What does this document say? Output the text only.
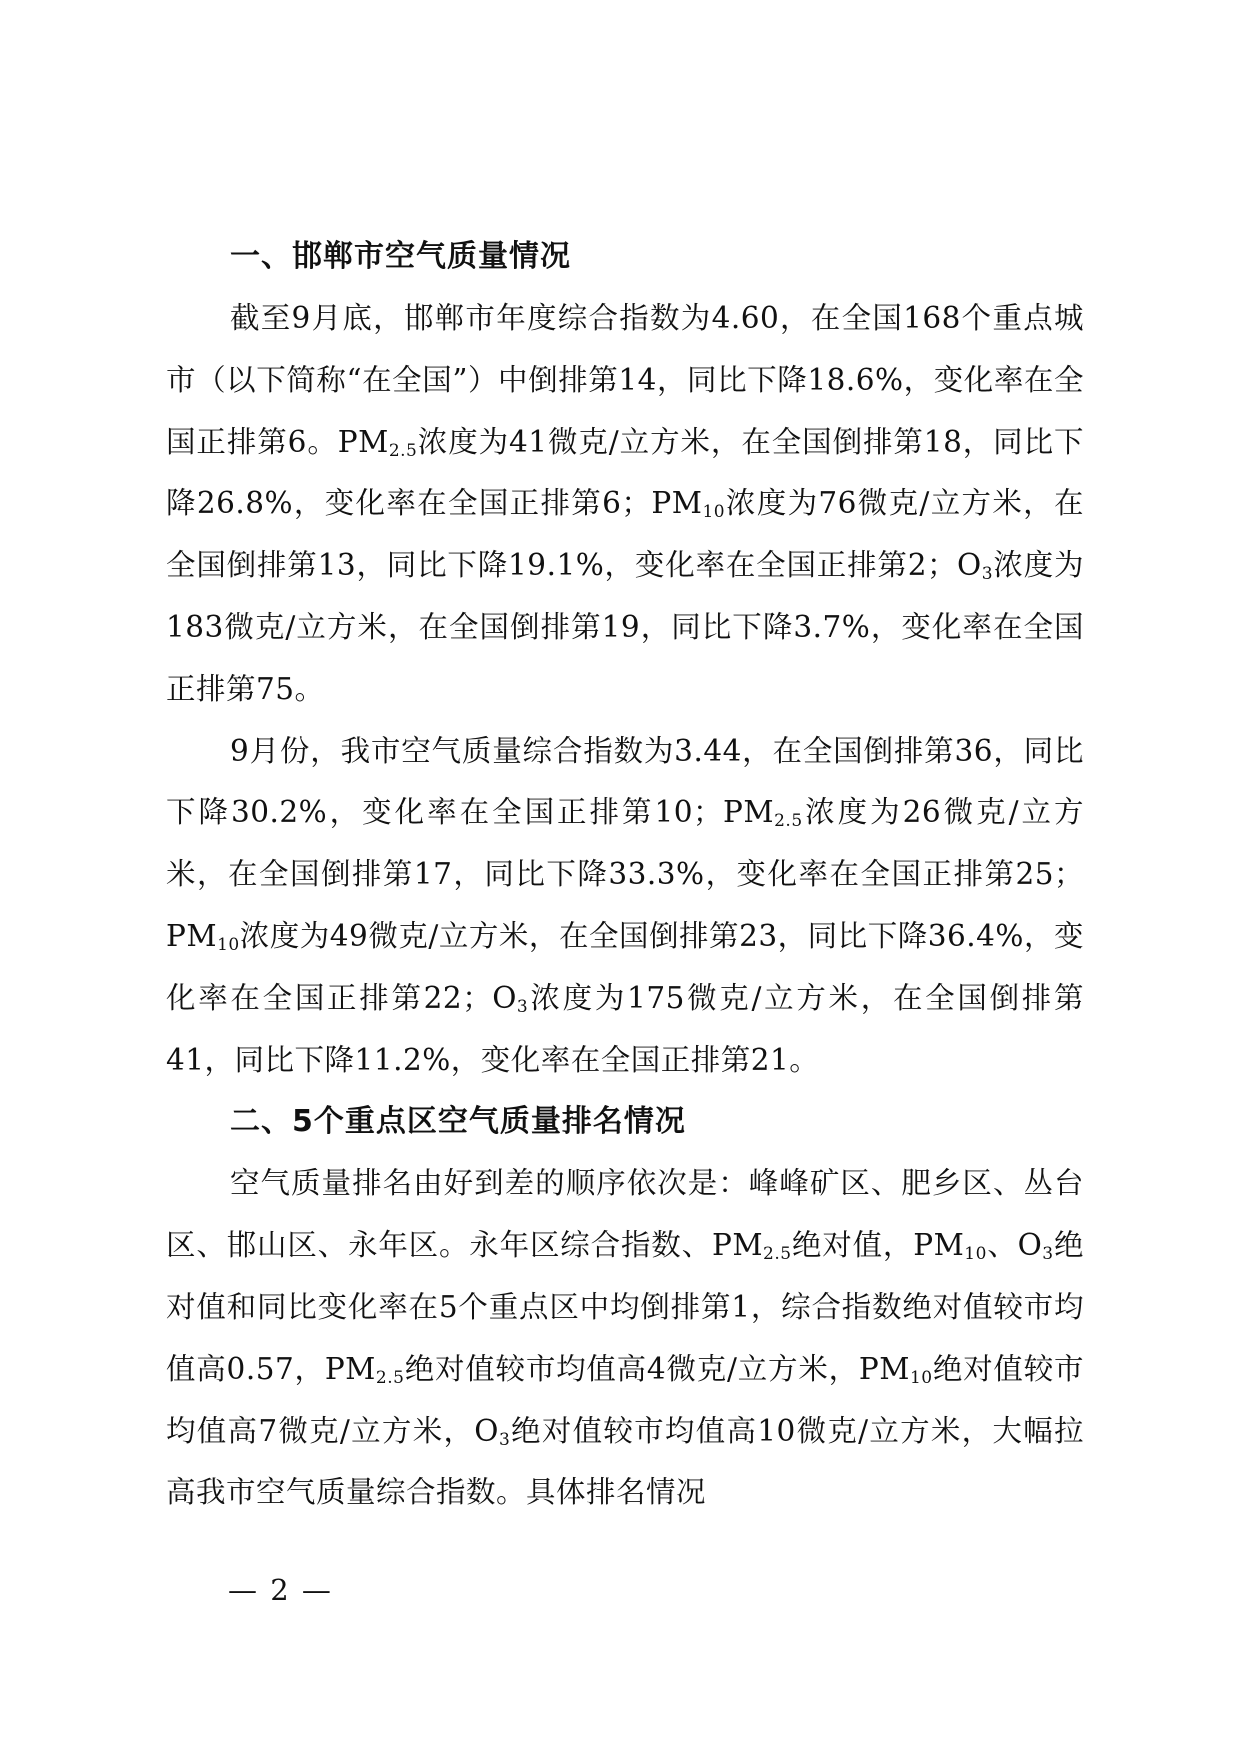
一、邯郸市空气质量情况

截至9月底，邯郸市年度综合指数为4.60，在全国168个重点城市（以下简称“在全国”）中倒排第14，同比下降18.6%，变化率在全国正排第6。$PM_{2.5}$浓度为41微克/立方米，在全国倒排第18，同比下降26.8%，变化率在全国正排第6；$PM_{10}$浓度为76微克/立方米，在全国倒排第13，同比下降19.1%，变化率在全国正排第2；$O_3$浓度为183微克/立方米，在全国倒排第19，同比下降3.7%，变化率在全国正排第75。

9月份，我市空气质量综合指数为3.44，在全国倒排第36，同比下降30.2%，变化率在全国正排第10；$PM_{2.5}$浓度为26微克/立方米，在全国倒排第17，同比下降33.3%，变化率在全国正排第25；$PM_{10}$浓度为49微克/立方米，在全国倒排第23，同比下降36.4%，变化率在全国正排第22；$O_3$浓度为175微克/立方米，在全国倒排第41，同比下降11.2%，变化率在全国正排第21。

二、5个重点区空气质量排名情况

空气质量排名由好到差的顺序依次是：峰峰矿区、肥乡区、丛台区、邯山区、永年区。永年区综合指数、$PM_{2.5}$绝对值，$PM_{10}$、$O_3$绝对值和同比变化率在5个重点区中均倒排第1，综合指数绝对值较市均值高0.57，$PM_{2.5}$绝对值较市均值高4微克/立方米，$PM_{10}$绝对值较市均值高7微克/立方米，$O_3$绝对值较市均值高10微克/立方米，大幅拉高我市空气质量综合指数。具体排名情况

— 2 —
